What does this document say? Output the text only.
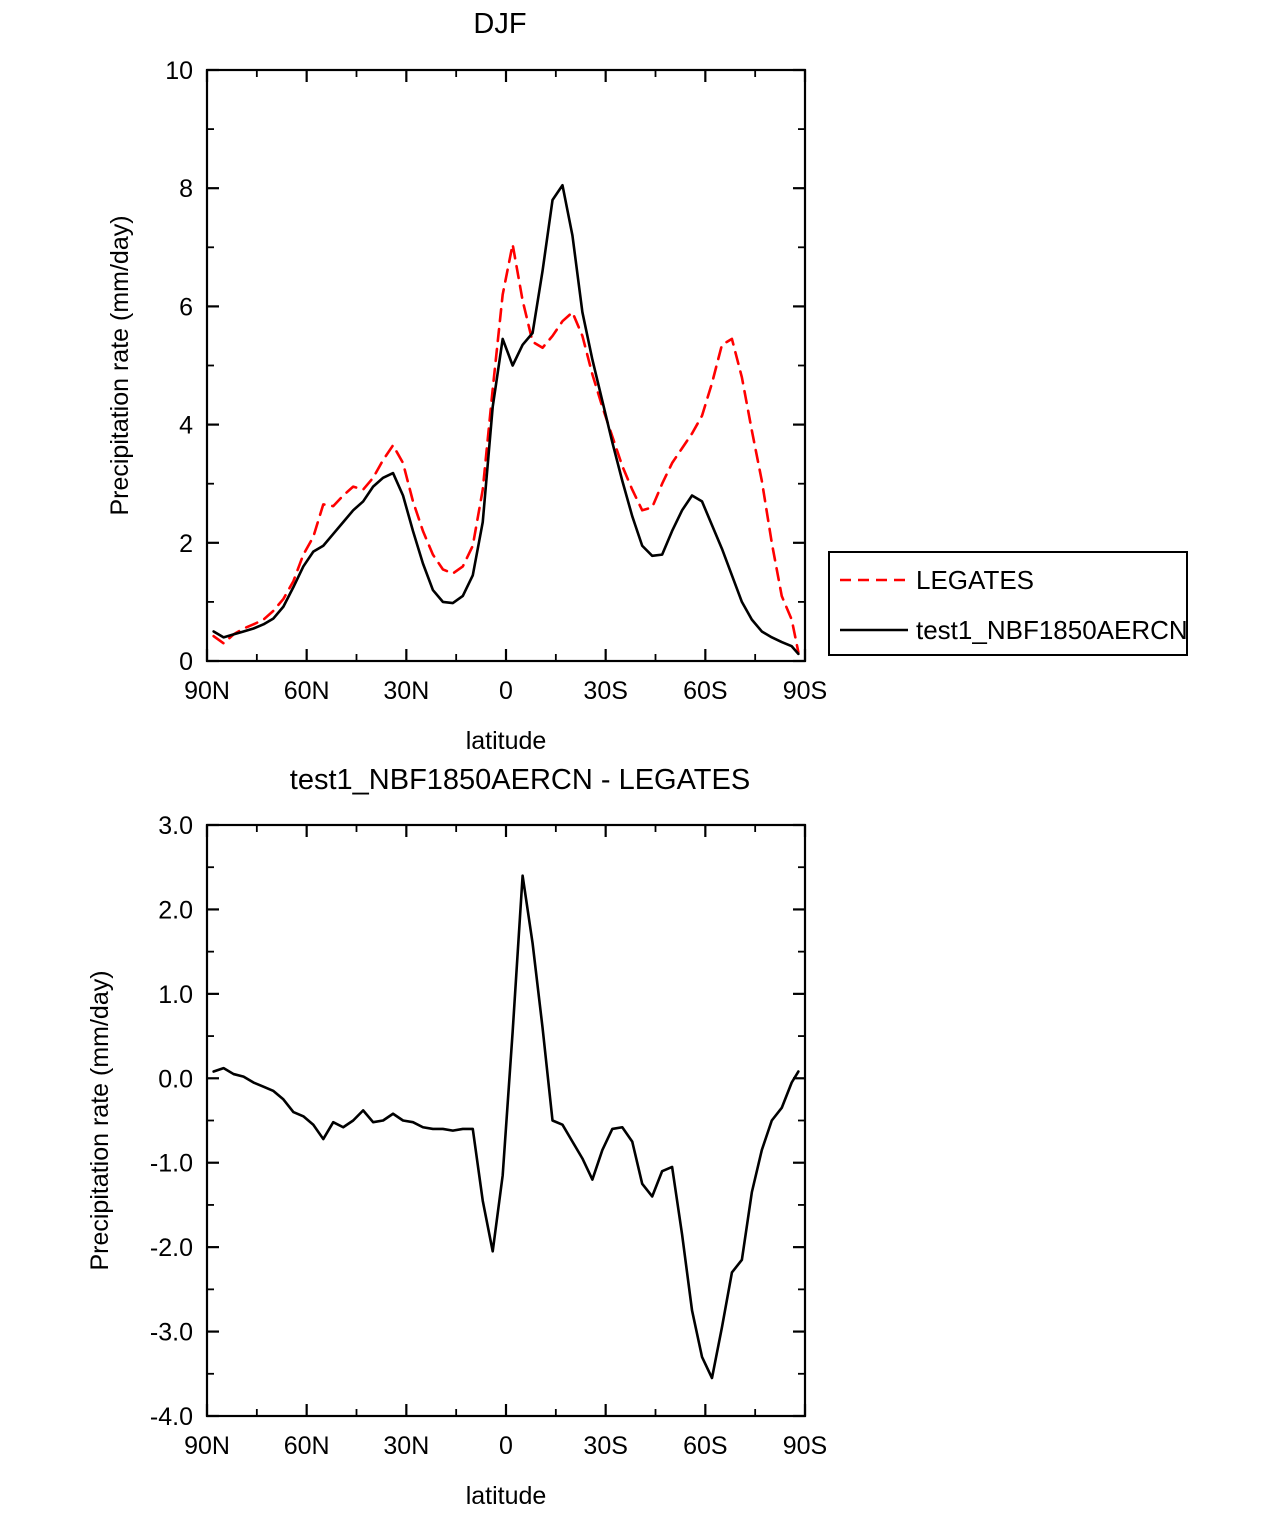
DJF
90N 60N 30N	0	30S 60S 90S
0
2
4
6
8
10
latitude
Precipitation rate (mm/day)
LEGATES
test1_NBF1850AERCN
test1_NBF1850AERCN - LEGATES
90N 60N 30N	0	30S 60S 90S
-4.0
-3.0
-2.0
-1.0
0.0
1.0
2.0
3.0
latitude
Precipitation rate (mm/day)
